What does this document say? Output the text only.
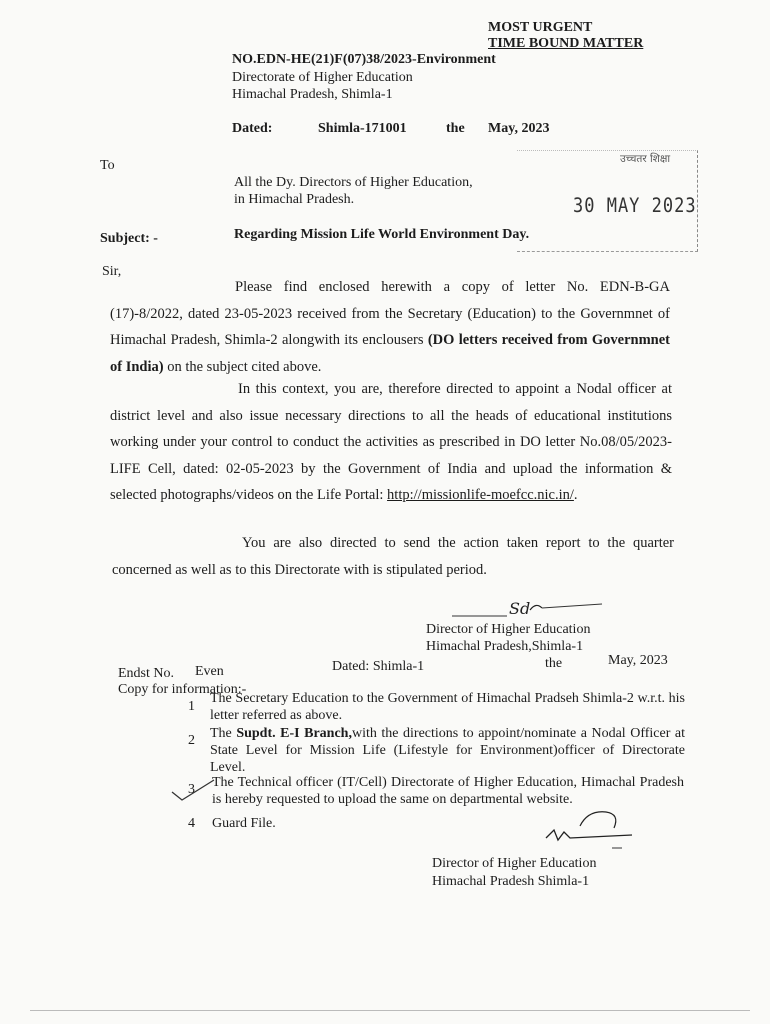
MOST URGENT
TIME BOUND MATTER
NO.EDN-HE(21)F(07)38/2023-Environment
Directorate of Higher Education
Himachal Pradesh, Shimla-1
Dated:	Shimla-171001	the May, 2023
To
All the Dy. Directors of Higher Education,
in Himachal Pradesh.
उच्चतर शिक्षा
30 MAY 2023
Subject: -	Regarding Mission Life World Environment Day.
Sir,
Please find enclosed herewith a copy of letter No. EDN-B-GA (17)-8/2022, dated 23-05-2023 received from the Secretary (Education) to the Governmnet of Himachal Pradesh, Shimla-2 alongwith its enclousers (DO letters received from Governmnet of India) on the subject cited above.
In this context, you are, therefore directed to appoint a Nodal officer at district level and also issue necessary directions to all the heads of educational institutions working under your control to conduct the activities as prescribed in DO letter No.08/05/2023-LIFE Cell, dated: 02-05-2023 by the Government of India and upload the information & selected photographs/videos on the Life Portal: http://missionlife-moefcc.nic.in/.
You are also directed to send the action taken report to the quarter concerned as well as to this Directorate with is stipulated period.
Sd
Director of Higher Education
Himachal Pradesh,Shimla-1
Endst No. Even	Dated: Shimla-1	the	May, 2023
Copy for information:-
1
The Secretary Education to the Government of Himachal Pradseh Shimla-2 w.r.t. his letter referred as above.
2 The Supdt. E-I Branch,with the directions to appoint/nominate a Nodal Officer at State Level for Mission Life (Lifestyle for Environment)officer of Directorate Level.
3 The Technical officer (IT/Cell) Directorate of Higher Education, Himachal Pradesh is hereby requested to upload the same on departmental website.
4 Guard File.
Director of Higher Education
Himachal Pradesh Shimla-1
